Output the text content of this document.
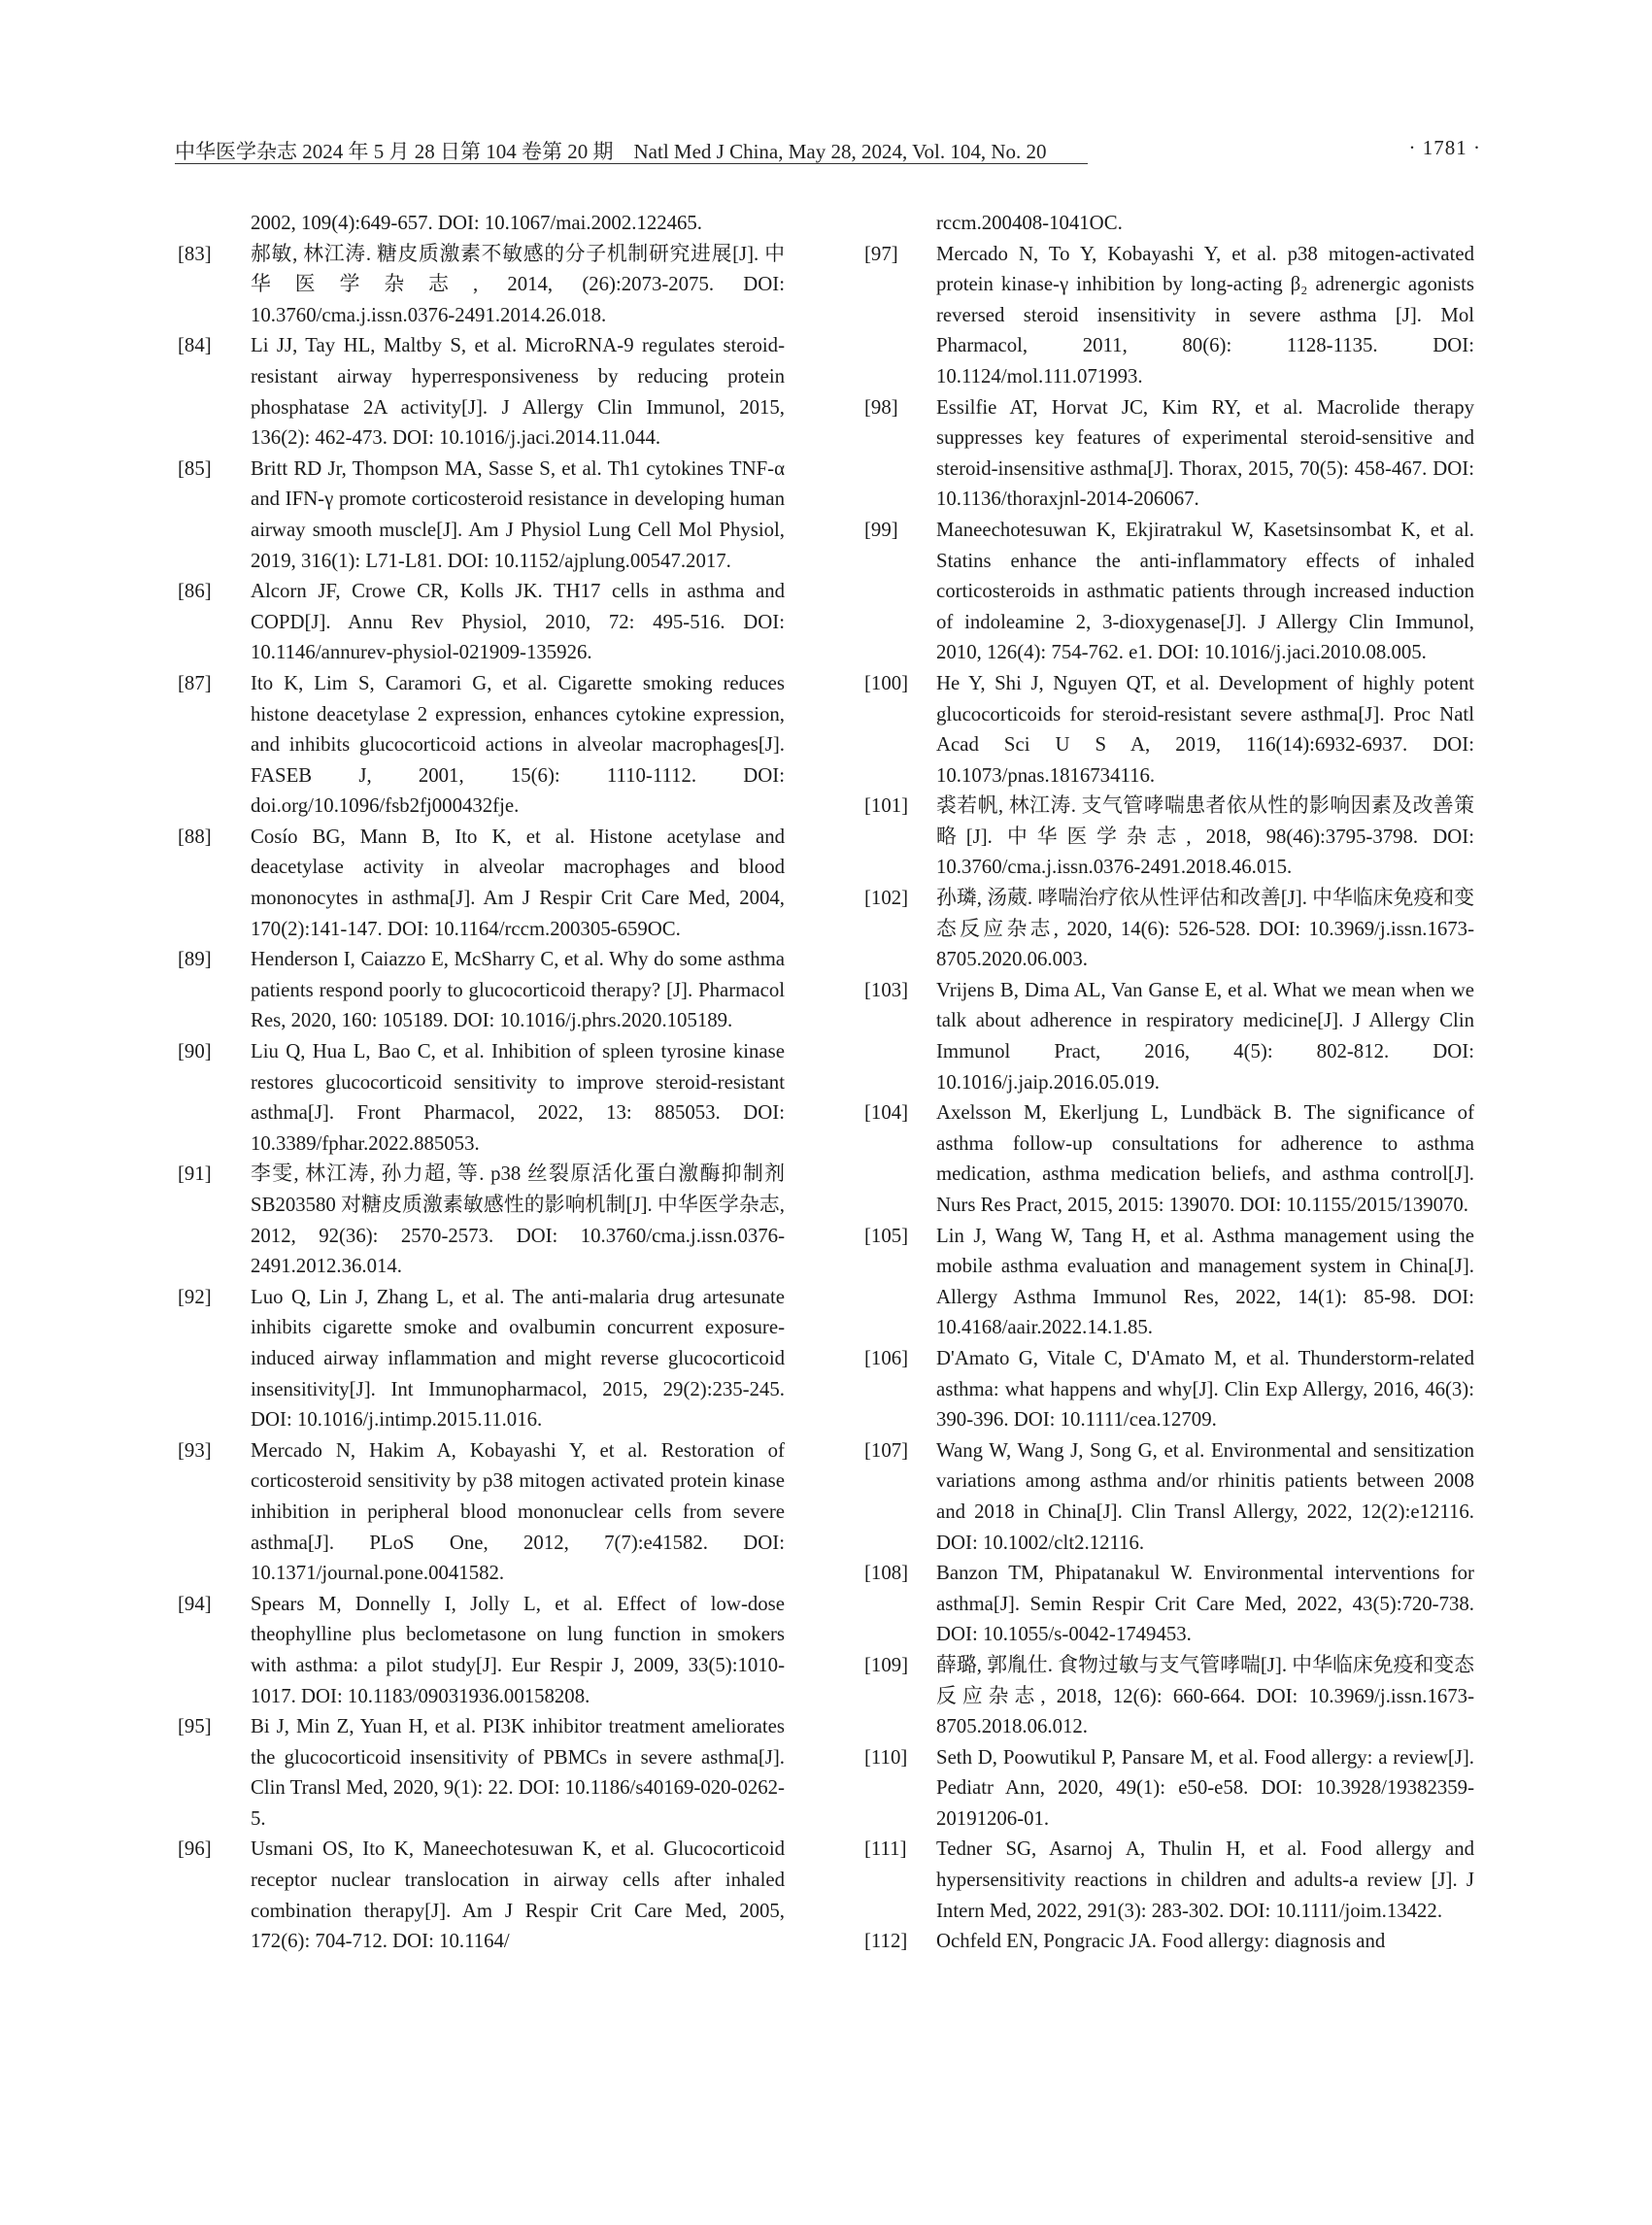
中华医学杂志 2024 年 5 月 28 日第 104 卷第 20 期　Natl Med J China, May 28, 2024, Vol. 104, No. 20	· 1781 ·
2002, 109(4):649-657. DOI: 10.1067/mai.2002.122465.
[83]	郝敏, 林江涛. 糖皮质激素不敏感的分子机制研究进展[J]. 中华医学杂志, 2014, (26):2073-2075. DOI: 10.3760/cma.j.issn.0376-2491.2014.26.018.
[84]	Li JJ, Tay HL, Maltby S, et al. MicroRNA-9 regulates steroid-resistant airway hyperresponsiveness by reducing protein phosphatase 2A activity[J]. J Allergy Clin Immunol, 2015, 136(2): 462-473. DOI: 10.1016/j.jaci.2014.11.044.
[85]	Britt RD Jr, Thompson MA, Sasse S, et al. Th1 cytokines TNF-α and IFN-γ promote corticosteroid resistance in developing human airway smooth muscle[J]. Am J Physiol Lung Cell Mol Physiol, 2019, 316(1): L71-L81. DOI: 10.1152/ajplung.00547.2017.
[86]	Alcorn JF, Crowe CR, Kolls JK. TH17 cells in asthma and COPD[J]. Annu Rev Physiol, 2010, 72: 495-516. DOI: 10.1146/annurev-physiol-021909-135926.
[87]	Ito K, Lim S, Caramori G, et al. Cigarette smoking reduces histone deacetylase 2 expression, enhances cytokine expression, and inhibits glucocorticoid actions in alveolar macrophages[J]. FASEB J, 2001, 15(6): 1110-1112. DOI: doi.org/10.1096/fsb2fj000432fje.
[88]	Cosío BG, Mann B, Ito K, et al. Histone acetylase and deacetylase activity in alveolar macrophages and blood mononocytes in asthma[J]. Am J Respir Crit Care Med, 2004, 170(2):141-147. DOI: 10.1164/rccm.200305-659OC.
[89]	Henderson I, Caiazzo E, McSharry C, et al. Why do some asthma patients respond poorly to glucocorticoid therapy? [J]. Pharmacol Res, 2020, 160: 105189. DOI: 10.1016/j.phrs.2020.105189.
[90]	Liu Q, Hua L, Bao C, et al. Inhibition of spleen tyrosine kinase restores glucocorticoid sensitivity to improve steroid-resistant asthma[J]. Front Pharmacol, 2022, 13: 885053. DOI: 10.3389/fphar.2022.885053.
[91]	李雯, 林江涛, 孙力超, 等. p38 丝裂原活化蛋白激酶抑制剂 SB203580 对糖皮质激素敏感性的影响机制[J]. 中华医学杂志, 2012, 92(36): 2570-2573. DOI: 10.3760/cma.j.issn.0376-2491.2012.36.014.
[92]	Luo Q, Lin J, Zhang L, et al. The anti-malaria drug artesunate inhibits cigarette smoke and ovalbumin concurrent exposure-induced airway inflammation and might reverse glucocorticoid insensitivity[J]. Int Immunopharmacol, 2015, 29(2):235-245. DOI: 10.1016/j.intimp.2015.11.016.
[93]	Mercado N, Hakim A, Kobayashi Y, et al. Restoration of corticosteroid sensitivity by p38 mitogen activated protein kinase inhibition in peripheral blood mononuclear cells from severe asthma[J]. PLoS One, 2012, 7(7):e41582. DOI: 10.1371/journal.pone.0041582.
[94]	Spears M, Donnelly I, Jolly L, et al. Effect of low-dose theophylline plus beclometasone on lung function in smokers with asthma: a pilot study[J]. Eur Respir J, 2009, 33(5):1010-1017. DOI: 10.1183/09031936.00158208.
[95]	Bi J, Min Z, Yuan H, et al. PI3K inhibitor treatment ameliorates the glucocorticoid insensitivity of PBMCs in severe asthma[J]. Clin Transl Med, 2020, 9(1): 22. DOI: 10.1186/s40169-020-0262-5.
[96]	Usmani OS, Ito K, Maneechotesuwan K, et al. Glucocorticoid receptor nuclear translocation in airway cells after inhaled combination therapy[J]. Am J Respir Crit Care Med, 2005, 172(6): 704-712. DOI: 10.1164/
rccm.200408-1041OC.
[97]	Mercado N, To Y, Kobayashi Y, et al. p38 mitogen-activated protein kinase-γ inhibition by long-acting β₂ adrenergic agonists reversed steroid insensitivity in severe asthma [J]. Mol Pharmacol, 2011, 80(6): 1128-1135. DOI: 10.1124/mol.111.071993.
[98]	Essilfie AT, Horvat JC, Kim RY, et al. Macrolide therapy suppresses key features of experimental steroid-sensitive and steroid-insensitive asthma[J]. Thorax, 2015, 70(5): 458-467. DOI: 10.1136/thoraxjnl-2014-206067.
[99]	Maneechotesuwan K, Ekjiratrakul W, Kasetsinsombat K, et al. Statins enhance the anti-inflammatory effects of inhaled corticosteroids in asthmatic patients through increased induction of indoleamine 2, 3-dioxygenase[J]. J Allergy Clin Immunol, 2010, 126(4): 754-762. e1. DOI: 10.1016/j.jaci.2010.08.005.
[100]	He Y, Shi J, Nguyen QT, et al. Development of highly potent glucocorticoids for steroid-resistant severe asthma[J]. Proc Natl Acad Sci U S A, 2019, 116(14):6932-6937. DOI: 10.1073/pnas.1816734116.
[101]	裘若帆, 林江涛. 支气管哮喘患者依从性的影响因素及改善策略[J]. 中华医学杂志, 2018, 98(46):3795-3798. DOI: 10.3760/cma.j.issn.0376-2491.2018.46.015.
[102]	孙璘, 汤葳. 哮喘治疗依从性评估和改善[J]. 中华临床免疫和变态反应杂志, 2020, 14(6): 526-528. DOI: 10.3969/j.issn.1673-8705.2020.06.003.
[103]	Vrijens B, Dima AL, Van Ganse E, et al. What we mean when we talk about adherence in respiratory medicine[J]. J Allergy Clin Immunol Pract, 2016, 4(5): 802-812. DOI: 10.1016/j.jaip.2016.05.019.
[104]	Axelsson M, Ekerljung L, Lundbäck B. The significance of asthma follow-up consultations for adherence to asthma medication, asthma medication beliefs, and asthma control[J]. Nurs Res Pract, 2015, 2015: 139070. DOI: 10.1155/2015/139070.
[105]	Lin J, Wang W, Tang H, et al. Asthma management using the mobile asthma evaluation and management system in China[J]. Allergy Asthma Immunol Res, 2022, 14(1): 85-98. DOI: 10.4168/aair.2022.14.1.85.
[106]	D'Amato G, Vitale C, D'Amato M, et al. Thunderstorm-related asthma: what happens and why[J]. Clin Exp Allergy, 2016, 46(3): 390-396. DOI: 10.1111/cea.12709.
[107]	Wang W, Wang J, Song G, et al. Environmental and sensitization variations among asthma and/or rhinitis patients between 2008 and 2018 in China[J]. Clin Transl Allergy, 2022, 12(2):e12116. DOI: 10.1002/clt2.12116.
[108]	Banzon TM, Phipatanakul W. Environmental interventions for asthma[J]. Semin Respir Crit Care Med, 2022, 43(5):720-738. DOI: 10.1055/s-0042-1749453.
[109]	薛璐, 郭胤仕. 食物过敏与支气管哮喘[J]. 中华临床免疫和变态反应杂志, 2018, 12(6): 660-664. DOI: 10.3969/j.issn.1673-8705.2018.06.012.
[110]	Seth D, Poowutikul P, Pansare M, et al. Food allergy: a review[J]. Pediatr Ann, 2020, 49(1): e50-e58. DOI: 10.3928/19382359-20191206-01.
[111]	Tedner SG, Asarnoj A, Thulin H, et al. Food allergy and hypersensitivity reactions in children and adults-a review [J]. J Intern Med, 2022, 291(3): 283-302. DOI: 10.1111/joim.13422.
[112]	Ochfeld EN, Pongracic JA. Food allergy: diagnosis and
